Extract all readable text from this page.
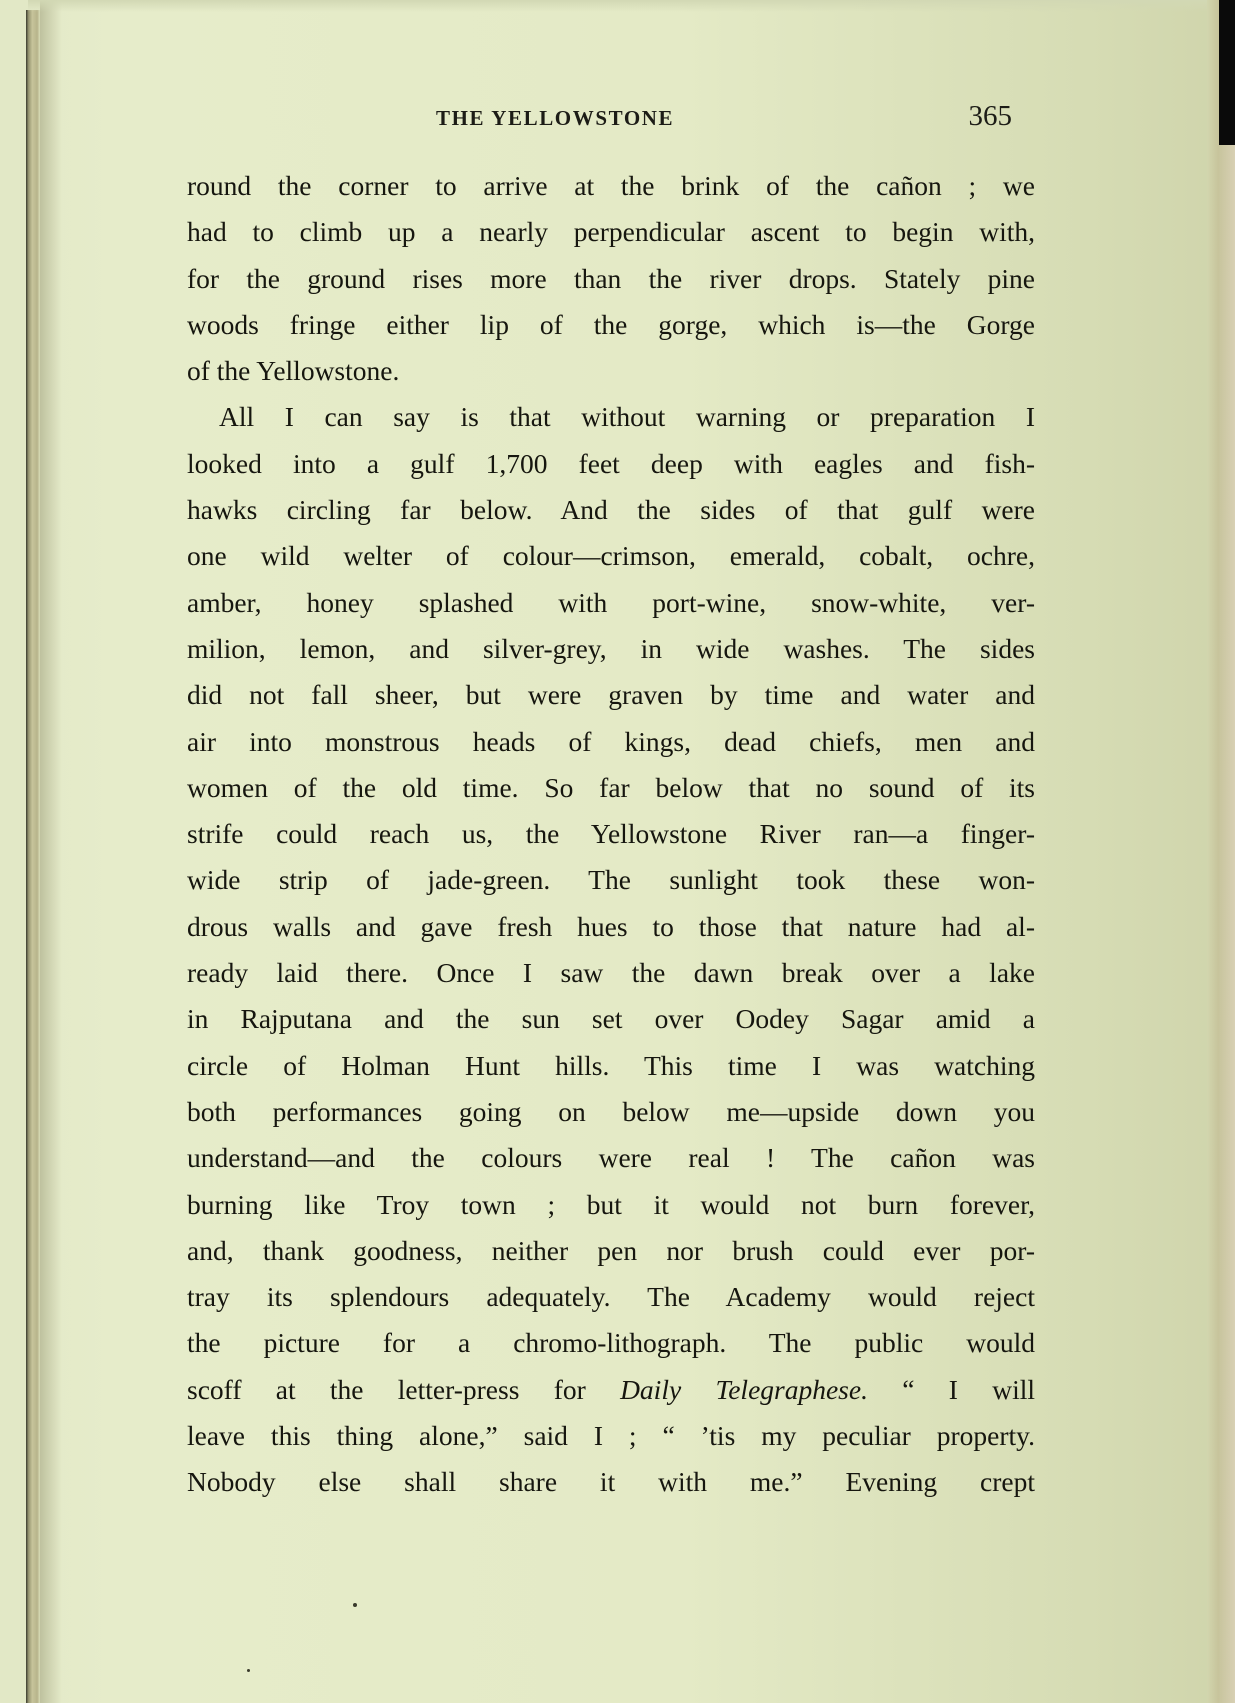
THE YELLOWSTONE	365
round the corner to arrive at the brink of the cañon ; we
had to climb up a nearly perpendicular ascent to begin with,
for the ground rises more than the river drops. Stately pine
woods fringe either lip of the gorge, which is—the Gorge
of the Yellowstone.
All I can say is that without warning or preparation I
looked into a gulf 1,700 feet deep with eagles and fish-
hawks circling far below. And the sides of that gulf were
one wild welter of colour—crimson, emerald, cobalt, ochre,
amber, honey splashed with port-wine, snow-white, ver-
milion, lemon, and silver-grey, in wide washes. The sides
did not fall sheer, but were graven by time and water and
air into monstrous heads of kings, dead chiefs, men and
women of the old time. So far below that no sound of its
strife could reach us, the Yellowstone River ran—a finger-
wide strip of jade-green. The sunlight took these won-
drous walls and gave fresh hues to those that nature had al-
ready laid there. Once I saw the dawn break over a lake
in Rajputana and the sun set over Oodey Sagar amid a
circle of Holman Hunt hills. This time I was watching
both performances going on below me—upside down you
understand—and the colours were real ! The cañon was
burning like Troy town ; but it would not burn forever,
and, thank goodness, neither pen nor brush could ever por-
tray its splendours adequately. The Academy would reject
the picture for a chromo-lithograph. The public would
scoff at the letter-press for Daily Telegraphese. “ I will
leave this thing alone,” said I ; “ ’tis my peculiar property.
Nobody else shall share it with me.” Evening crept
